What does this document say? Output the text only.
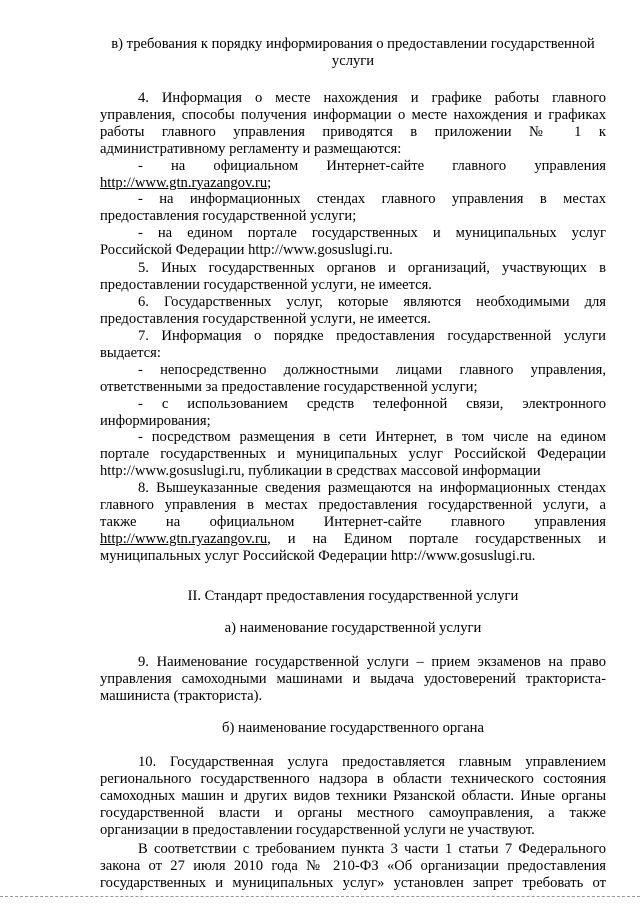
в) требования к порядку информирования о предоставлении государственной

услуги

4. Информация о месте нахождения и графике работы главного

управления, способы получения информации о месте нахождения и графиках

работы главного управления приводятся в приложении № 1 к

административному регламенту и размещаются:

- на официальном Интернет-сайте главного управления

http://www.gtn.ryazangov.ru;

- на информационных стендах главного управления в местах

предоставления государственной услуги;

- на едином портале государственных и муниципальных услуг

Российской Федерации http://www.gosuslugi.ru.

5. Иных государственных органов и организаций, участвующих в

предоставлении государственной услуги, не имеется.

6. Государственных услуг, которые являются необходимыми для

предоставления государственной услуги, не имеется.

7. Информация о порядке предоставления государственной услуги

выдается:

- непосредственно должностными лицами главного управления,

ответственными за предоставление государственной услуги;

- с использованием средств телефонной связи, электронного

информирования;

- посредством размещения в сети Интернет, в том числе на едином

портале государственных и муниципальных услуг Российской Федерации

http://www.gosuslugi.ru, публикации в средствах массовой информации

8. Вышеуказанные сведения размещаются на информационных стендах

главного управления в местах предоставления государственной услуги, а

также на официальном Интернет-сайте главного управления

http://www.gtn.ryazangov.ru, и на Едином портале государственных и

муниципальных услуг Российской Федерации http://www.gosuslugi.ru.

II. Стандарт предоставления государственной услуги

а) наименование государственной услуги

9. Наименование государственной услуги – прием экзаменов на право

управления самоходными машинами и выдача удостоверений тракториста-

машиниста (тракториста).

б) наименование государственного органа

10. Государственная услуга предоставляется главным управлением

регионального государственного надзора в области технического состояния

самоходных машин и других видов техники Рязанской области. Иные органы

государственной власти и органы местного самоуправления, а также

организации в предоставлении государственной услуги не участвуют.

В соответствии с требованием пункта 3 части 1 статьи 7 Федерального

закона от 27 июля 2010 года № 210-ФЗ «Об организации предоставления

государственных и муниципальных услуг» установлен запрет требовать от
